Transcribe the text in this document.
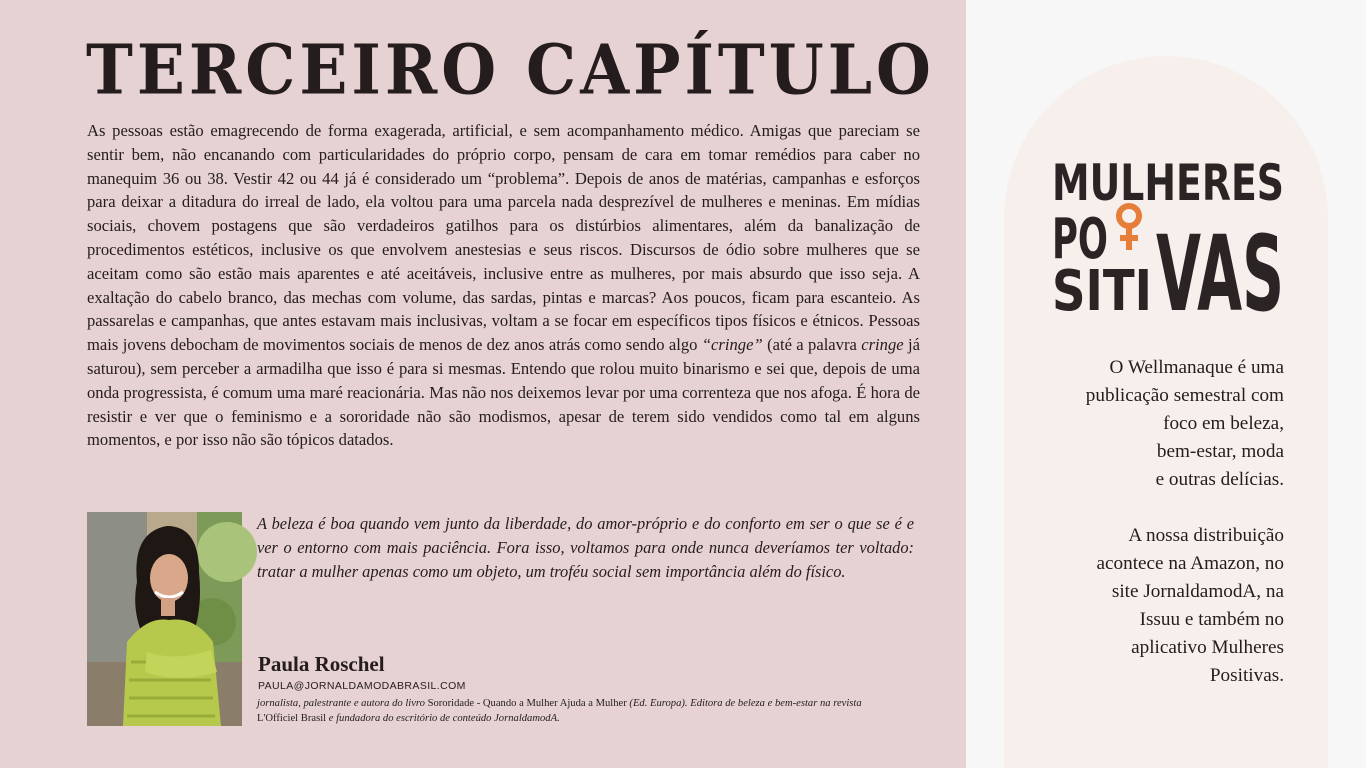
TERCEIRO CAPÍTULO

As pessoas estão emagrecendo de forma exagerada, artificial, e sem acompanhamento médico. Amigas que pareciam se sentir bem, não encanando com particularidades do próprio corpo, pensam de cara em tomar remédios para caber no manequim 36 ou 38. Vestir 42 ou 44 já é considerado um “problema”. Depois de anos de matérias, campanhas e esforços para deixar a ditadura do irreal de lado, ela voltou para uma parcela nada desprezível de mulheres e meninas. Em mídias sociais, chovem postagens que são verdadeiros gatilhos para os distúrbios alimentares, além da banalização de procedimentos estéticos, inclusive os que envolvem anestesias e seus riscos. Discursos de ódio sobre mulheres que se aceitam como são estão mais aparentes e até aceitáveis, inclusive entre as mulheres, por mais absurdo que isso seja. A exaltação do cabelo branco, das mechas com volume, das sardas, pintas e marcas? Aos poucos, ficam para escanteio. As passarelas e campanhas, que antes estavam mais inclusivas, voltam a se focar em específicos tipos físicos e étnicos. Pessoas mais jovens debocham de movimentos sociais de menos de dez anos atrás como sendo algo “cringe” (até a palavra cringe já saturou), sem perceber a armadilha que isso é para si mesmas. Entendo que rolou muito binarismo e sei que, depois de uma onda progressista, é comum uma maré reacionária. Mas não nos deixemos levar por uma correnteza que nos afoga. É hora de resistir e ver que o feminismo e a sororidade não são modismos, apesar de terem sido vendidos como tal em alguns momentos, e por isso não são tópicos datados.

A beleza é boa quando vem junto da liberdade, do amor-próprio e do conforto em ser o que se é e ver o entorno com mais paciência. Fora isso, voltamos para onde nunca deveríamos ter voltado: tratar a mulher apenas como um objeto, um troféu social sem importância além do físico.

Paula Roschel
PAULA@JORNALDAMODABRASIL.COM

jornalista, palestrante e autora do livro Sororidade - Quando a Mulher Ajuda a Mulher (Ed. Europa). Editora de beleza e bem-estar na revista L'Officiel Brasil e fundadora do escritório de conteúdo JornaldamodA.

MULHERES
PO
SITI VAS

O Wellmanaque é uma
publicação semestral com
foco em beleza,
bem-estar, moda
e outras delícias.

A nossa distribuição
acontece na Amazon, no
site JornaldamodA, na
Issuu e também no
aplicativo Mulheres
Positivas.
